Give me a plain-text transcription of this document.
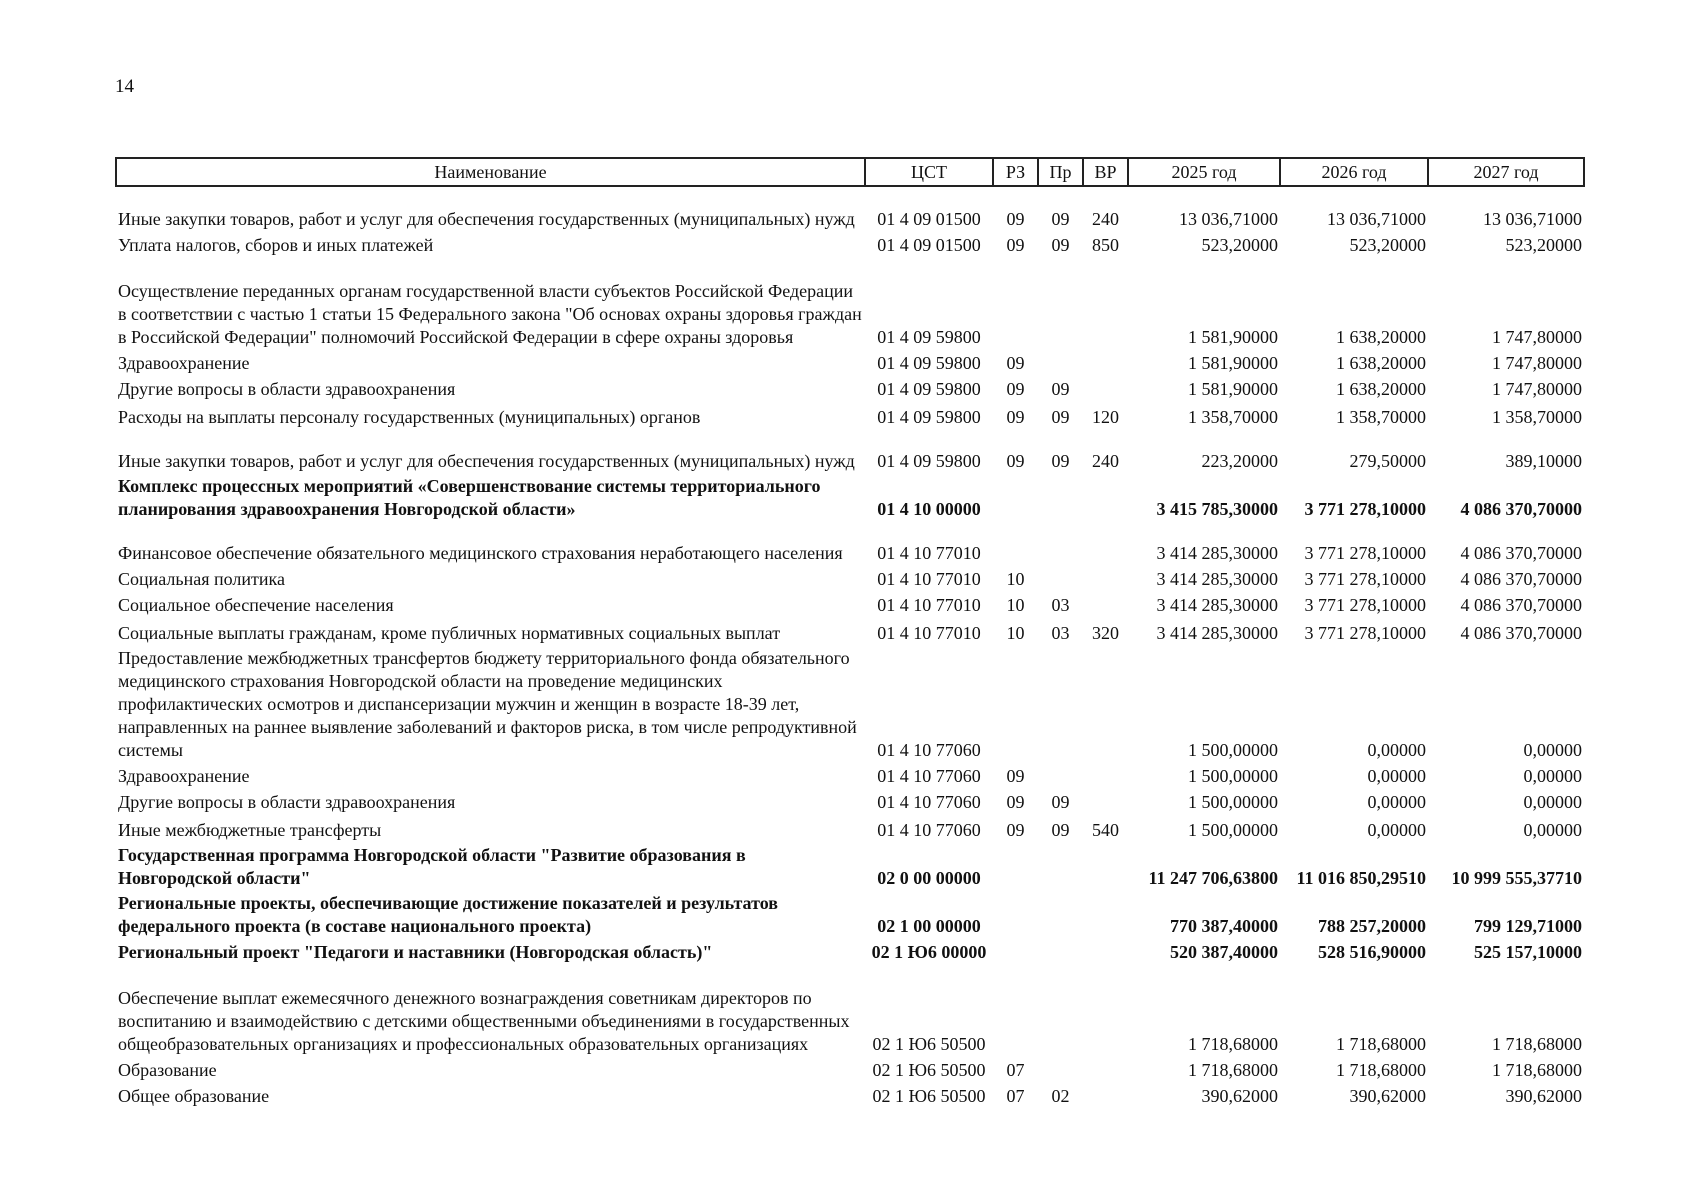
14
Наименование	ЦСТ	РЗ	Пр	ВР	2025 год	2026 год	2027 год
Иные закупки товаров, работ и услуг для обеспечения государственных (муниципальных) нужд	01 4 09 01500	09	09	240	13 036,71000	13 036,71000	13 036,71000
Уплата налогов, сборов и иных платежей	01 4 09 01500	09	09	850	523,20000	523,20000	523,20000
Осуществление переданных органам государственной власти субъектов Российской Федерации в соответствии с частью 1 статьи 15 Федерального закона "Об основах охраны здоровья граждан в Российской Федерации" полномочий Российской Федерации в сфере охраны здоровья	01 4 09 59800				1 581,90000	1 638,20000	1 747,80000
Здравоохранение	01 4 09 59800	09			1 581,90000	1 638,20000	1 747,80000
Другие вопросы в области здравоохранения	01 4 09 59800	09	09		1 581,90000	1 638,20000	1 747,80000
Расходы на выплаты персоналу государственных (муниципальных) органов	01 4 09 59800	09	09	120	1 358,70000	1 358,70000	1 358,70000
Иные закупки товаров, работ и услуг для обеспечения государственных (муниципальных) нужд	01 4 09 59800	09	09	240	223,20000	279,50000	389,10000
Комплекс процессных мероприятий «Совершенствование системы территориального планирования здравоохранения Новгородской области»	01 4 10 00000				3 415 785,30000	3 771 278,10000	4 086 370,70000
Финансовое обеспечение обязательного медицинского страхования неработающего населения	01 4 10 77010				3 414 285,30000	3 771 278,10000	4 086 370,70000
Социальная политика	01 4 10 77010	10			3 414 285,30000	3 771 278,10000	4 086 370,70000
Социальное обеспечение населения	01 4 10 77010	10	03		3 414 285,30000	3 771 278,10000	4 086 370,70000
Социальные выплаты гражданам, кроме публичных нормативных социальных выплат	01 4 10 77010	10	03	320	3 414 285,30000	3 771 278,10000	4 086 370,70000
Предоставление межбюджетных трансфертов бюджету территориального фонда обязательного медицинского страхования Новгородской области на проведение медицинских профилактических осмотров и диспансеризации мужчин и женщин в возрасте 18-39 лет, направленных на раннее выявление заболеваний и факторов риска, в том числе репродуктивной системы	01 4 10 77060				1 500,00000	0,00000	0,00000
Здравоохранение	01 4 10 77060	09			1 500,00000	0,00000	0,00000
Другие вопросы в области здравоохранения	01 4 10 77060	09	09		1 500,00000	0,00000	0,00000
Иные межбюджетные трансферты	01 4 10 77060	09	09	540	1 500,00000	0,00000	0,00000
Государственная программа Новгородской области "Развитие образования в Новгородской области"	02 0 00 00000				11 247 706,63800	11 016 850,29510	10 999 555,37710
Региональные проекты, обеспечивающие достижение показателей и результатов федерального проекта (в составе национального проекта)	02 1 00 00000				770 387,40000	788 257,20000	799 129,71000
Региональный проект "Педагоги и наставники (Новгородская область)"	02 1 Ю6 00000				520 387,40000	528 516,90000	525 157,10000
Обеспечение выплат ежемесячного денежного вознаграждения советникам директоров по воспитанию и взаимодействию с детскими общественными объединениями в государственных общеобразовательных организациях и профессиональных образовательных организациях	02 1 Ю6 50500				1 718,68000	1 718,68000	1 718,68000
Образование	02 1 Ю6 50500	07			1 718,68000	1 718,68000	1 718,68000
Общее образование	02 1 Ю6 50500	07	02		390,62000	390,62000	390,62000
